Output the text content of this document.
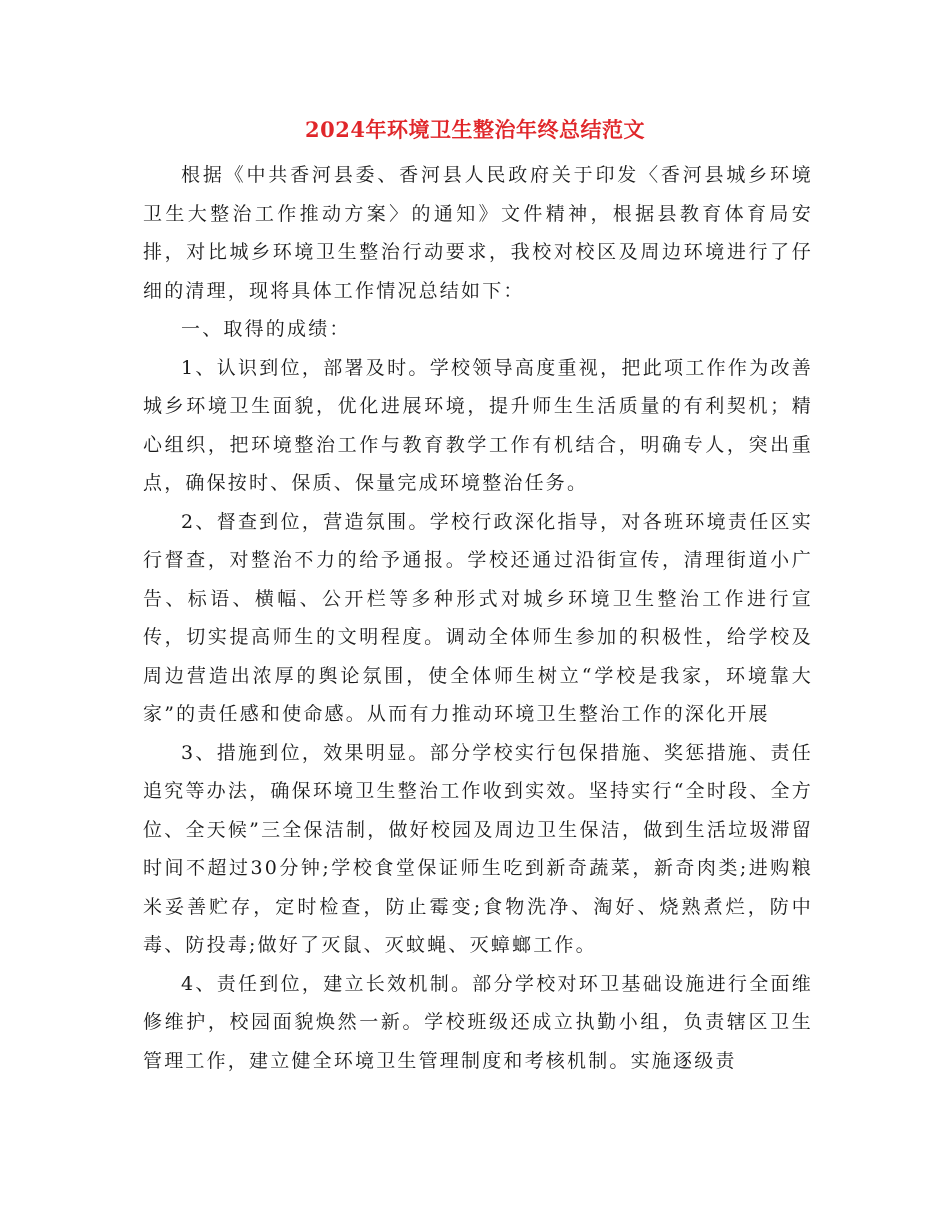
2024年环境卫生整治年终总结范文

根据《中共香河县委、香河县人民政府关于印发〈香河县城乡环境卫生大整治工作推动方案〉的通知》文件精神，根据县教育体育局安排，对比城乡环境卫生整治行动要求，我校对校区及周边环境进行了仔细的清理，现将具体工作情况总结如下：

一、取得的成绩：

1、认识到位，部署及时。学校领导高度重视，把此项工作作为改善城乡环境卫生面貌，优化进展环境，提升师生生活质量的有利契机；精心组织，把环境整治工作与教育教学工作有机结合，明确专人，突出重点，确保按时、保质、保量完成环境整治任务。

2、督查到位，营造氛围。学校行政深化指导，对各班环境责任区实行督查，对整治不力的给予通报。学校还通过沿街宣传，清理街道小广告、标语、横幅、公开栏等多种形式对城乡环境卫生整治工作进行宣传，切实提高师生的文明程度。调动全体师生参加的积极性，给学校及周边营造出浓厚的舆论氛围，使全体师生树立“学校是我家，环境靠大家”的责任感和使命感。从而有力推动环境卫生整治工作的深化开展

3、措施到位，效果明显。部分学校实行包保措施、奖惩措施、责任追究等办法，确保环境卫生整治工作收到实效。坚持实行“全时段、全方位、全天候”三全保洁制，做好校园及周边卫生保洁，做到生活垃圾滞留时间不超过30分钟;学校食堂保证师生吃到新奇蔬菜，新奇肉类;进购粮米妥善贮存，定时检查，防止霉变;食物洗净、淘好、烧熟煮烂，防中毒、防投毒;做好了灭鼠、灭蚊蝇、灭蟑螂工作。

4、责任到位，建立长效机制。部分学校对环卫基础设施进行全面维修维护，校园面貌焕然一新。学校班级还成立执勤小组，负责辖区卫生管理工作，建立健全环境卫生管理制度和考核机制。实施逐级责
